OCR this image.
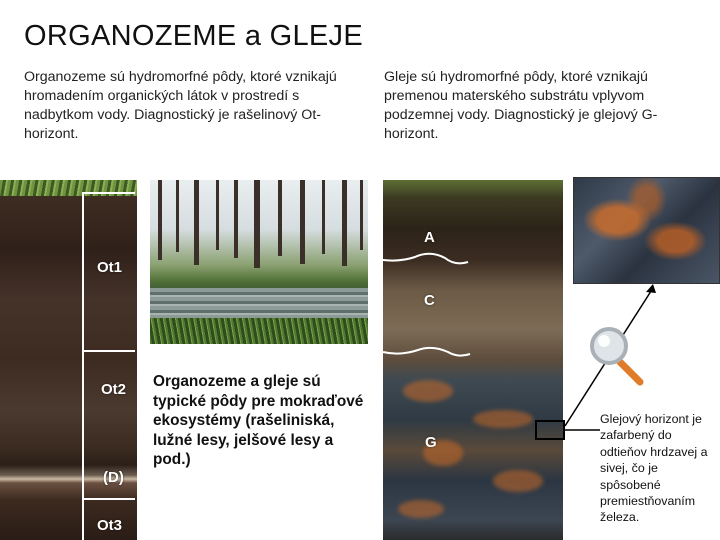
ORGANOZEME a GLEJE
Organozeme sú hydromorfné pôdy, ktoré vznikajú hromadením organických látok v prostredí s nadbytkom vody. Diagnostický je rašelinový Ot-horizont.
Gleje sú hydromorfné pôdy, ktoré vznikajú premenou materského substrátu vplyvom podzemnej vody. Diagnostický je glejový G-horizont.
Ot1
Ot2
(D)
Ot3
A
C
G
Organozeme a gleje sú typické pôdy pre mokraďové ekosystémy (rašeliniská, lužné lesy, jelšové lesy a pod.)
Glejový horizont je zafarbený do odtieňov hrdzavej a sivej, čo je spôsobené premiestňovaním železa.
